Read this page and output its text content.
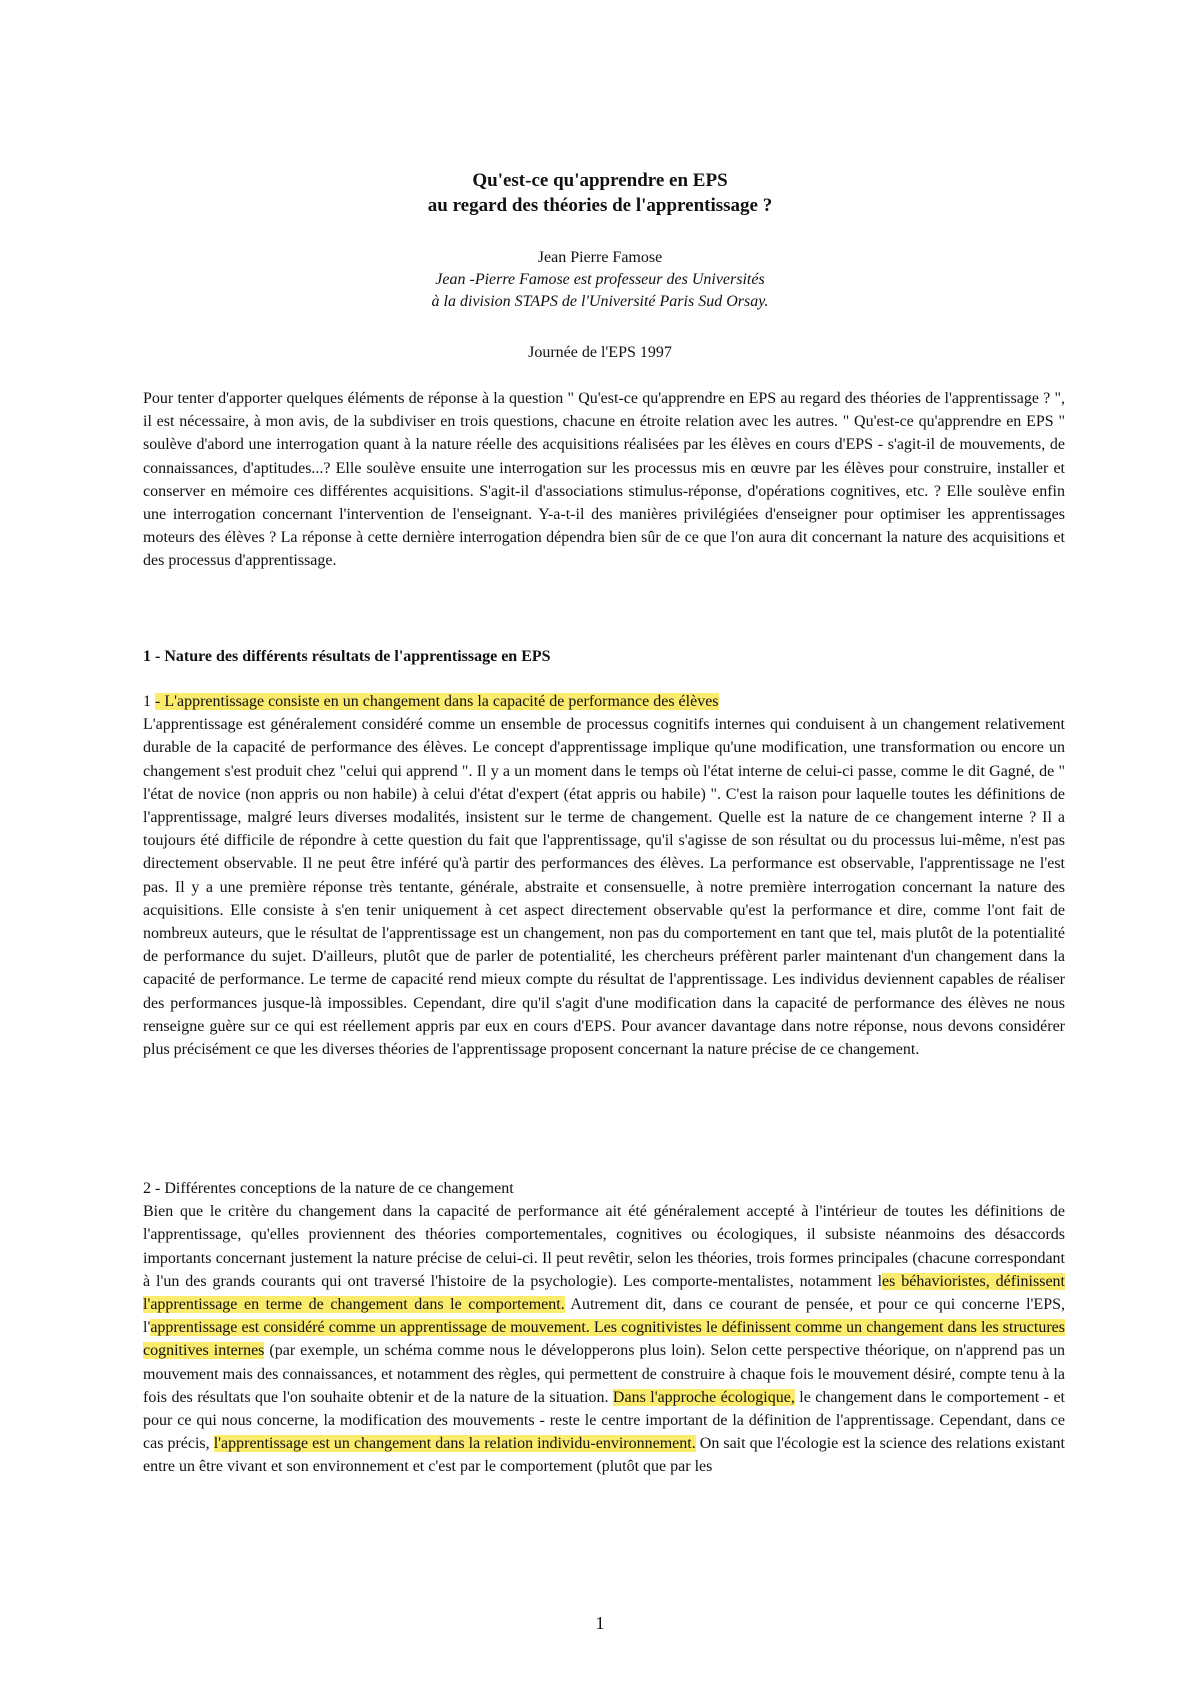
Qu'est-ce qu'apprendre en EPS
au regard des théories de l'apprentissage ?
Jean Pierre Famose
Jean -Pierre Famose est professeur des Universités
à la division STAPS de l'Université Paris Sud Orsay.
Journée de l'EPS 1997
Pour tenter d'apporter quelques éléments de réponse à la question " Qu'est-ce qu'apprendre en EPS au regard des théories de l'apprentissage ? ", il est nécessaire, à mon avis, de la subdiviser en trois questions, chacune en étroite relation avec les autres. " Qu'est-ce qu'apprendre en EPS " soulève d'abord une interrogation quant à la nature réelle des acquisitions réalisées par les élèves en cours d'EPS - s'agit-il de mouvements, de connaissances, d'aptitudes...? Elle soulève ensuite une interrogation sur les processus mis en œuvre par les élèves pour construire, installer et conserver en mémoire ces différentes acquisitions. S'agit-il d'associations stimulus-réponse, d'opérations cognitives, etc. ? Elle soulève enfin une interrogation concernant l'intervention de l'enseignant. Y-a-t-il des manières privilégiées d'enseigner pour optimiser les apprentissages moteurs des élèves ? La réponse à cette dernière interrogation dépendra bien sûr de ce que l'on aura dit concernant la nature des acquisitions et des processus d'apprentissage.
1 - Nature des différents résultats de l'apprentissage en EPS
1 - L'apprentissage consiste en un changement dans la capacité de performance des élèves
L'apprentissage est généralement considéré comme un ensemble de processus cognitifs internes qui conduisent à un changement relativement durable de la capacité de performance des élèves. Le concept d'apprentissage implique qu'une modification, une transformation ou encore un changement s'est produit chez "celui qui apprend ". Il y a un moment dans le temps où l'état interne de celui-ci passe, comme le dit Gagné, de " l'état de novice (non appris ou non habile) à celui d'état d'expert (état appris ou habile) ". C'est la raison pour laquelle toutes les définitions de l'apprentissage, malgré leurs diverses modalités, insistent sur le terme de changement. Quelle est la nature de ce changement interne ? Il a toujours été difficile de répondre à cette question du fait que l'apprentissage, qu'il s'agisse de son résultat ou du processus lui-même, n'est pas directement observable. Il ne peut être inféré qu'à partir des performances des élèves. La performance est observable, l'apprentissage ne l'est pas. Il y a une première réponse très tentante, générale, abstraite et consensuelle, à notre première interrogation concernant la nature des acquisitions. Elle consiste à s'en tenir uniquement à cet aspect directement observable qu'est la performance et dire, comme l'ont fait de nombreux auteurs, que le résultat de l'apprentissage est un changement, non pas du comportement en tant que tel, mais plutôt de la potentialité de performance du sujet. D'ailleurs, plutôt que de parler de potentialité, les chercheurs préfèrent parler maintenant d'un changement dans la capacité de performance. Le terme de capacité rend mieux compte du résultat de l'apprentissage. Les individus deviennent capables de réaliser des performances jusque-là impossibles. Cependant, dire qu'il s'agit d'une modification dans la capacité de performance des élèves ne nous renseigne guère sur ce qui est réellement appris par eux en cours d'EPS. Pour avancer davantage dans notre réponse, nous devons considérer plus précisément ce que les diverses théories de l'apprentissage proposent concernant la nature précise de ce changement.
2 - Différentes conceptions de la nature de ce changement
Bien que le critère du changement dans la capacité de performance ait été généralement accepté à l'intérieur de toutes les définitions de l'apprentissage, qu'elles proviennent des théories comportementales, cognitives ou écologiques, il subsiste néanmoins des désaccords importants concernant justement la nature précise de celui-ci. Il peut revêtir, selon les théories, trois formes principales (chacune correspondant à l'un des grands courants qui ont traversé l'histoire de la psychologie). Les comporte-mentalistes, notamment les béhavioristes, définissent l'apprentissage en terme de changement dans le comportement. Autrement dit, dans ce courant de pensée, et pour ce qui concerne l'EPS, l'apprentissage est considéré comme un apprentissage de mouvement. Les cognitivistes le définissent comme un changement dans les structures cognitives internes (par exemple, un schéma comme nous le développerons plus loin). Selon cette perspective théorique, on n'apprend pas un mouvement mais des connaissances, et notamment des règles, qui permettent de construire à chaque fois le mouvement désiré, compte tenu à la fois des résultats que l'on souhaite obtenir et de la nature de la situation. Dans l'approche écologique, le changement dans le comportement - et pour ce qui nous concerne, la modification des mouvements - reste le centre important de la définition de l'apprentissage. Cependant, dans ce cas précis, l'apprentissage est un changement dans la relation individu-environnement. On sait que l'écologie est la science des relations existant entre un être vivant et son environnement et c'est par le comportement (plutôt que par les
1
